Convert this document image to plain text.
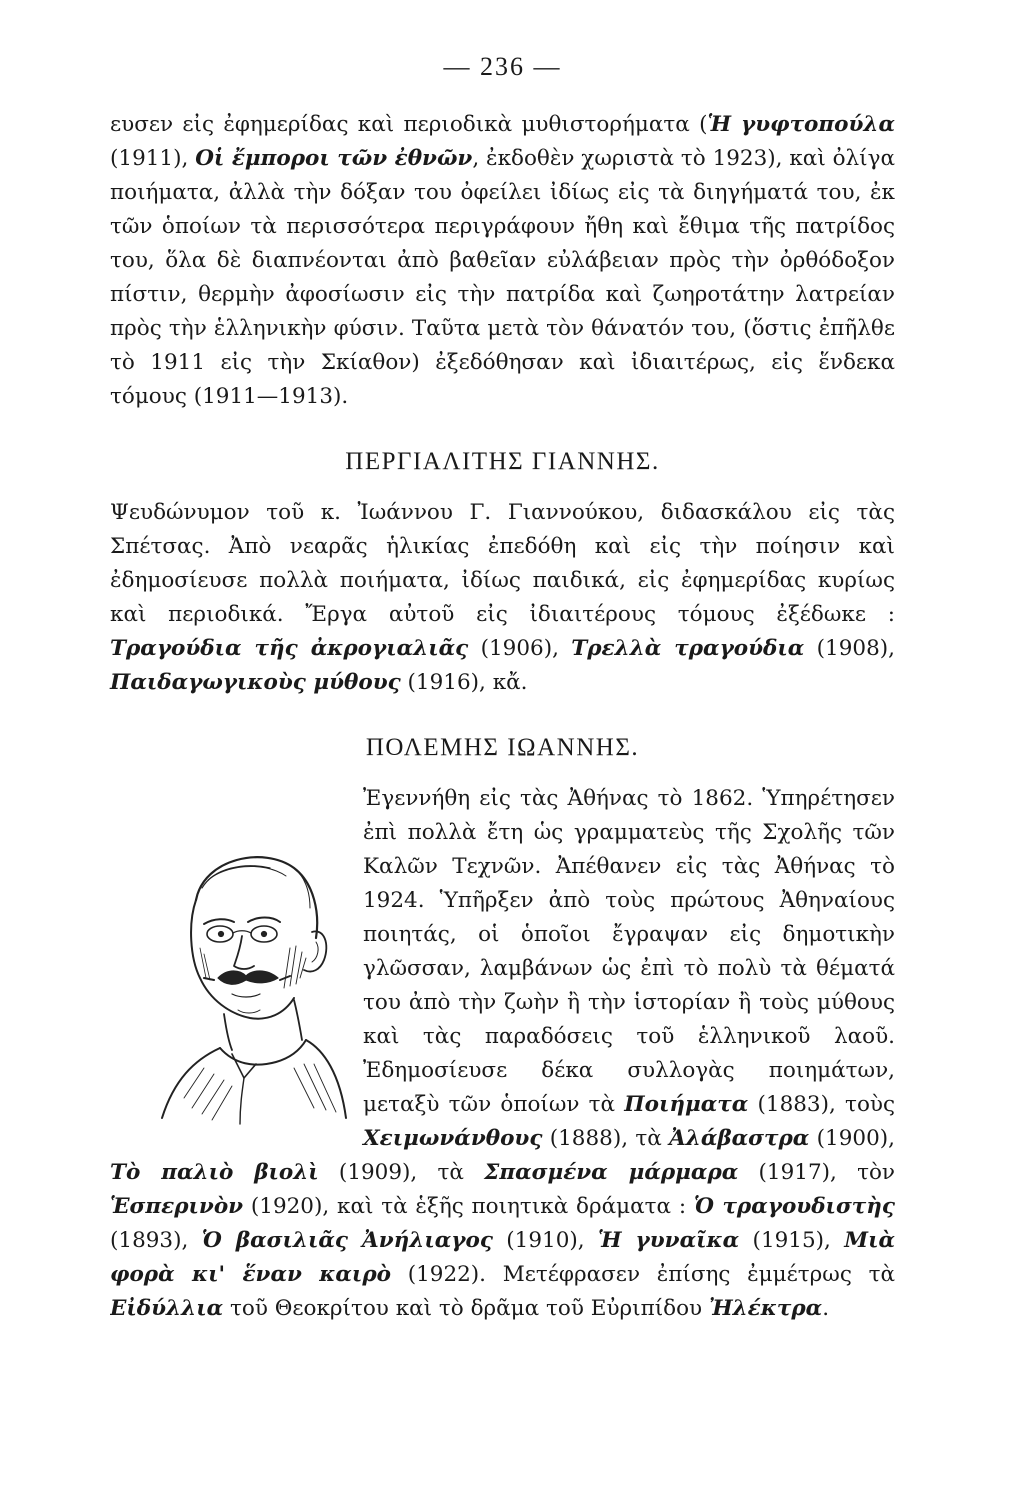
— 236 —

ευσεν εἰς ἐφημερίδας καὶ περιοδικὰ μυθιστορήματα (Ἡ γυφτοπούλα (1911), Οἱ ἔμποροι τῶν ἐθνῶν, ἐκδοθὲν χωριστὰ τὸ 1923), καὶ ὀλίγα ποιήματα, ἀλλὰ τὴν δόξαν του ὀφείλει ἰδίως εἰς τὰ διηγήματά του, ἐκ τῶν ὁποίων τὰ περισσότερα περιγράφουν ἤθη καὶ ἔθιμα τῆς πατρίδος του, ὅλα δὲ διαπνέονται ἀπὸ βαθεῖαν εὐλάβειαν πρὸς τὴν ὀρθόδοξον πίστιν, θερμὴν ἀφοσίωσιν εἰς τὴν πατρίδα καὶ ζωηροτάτην λατρείαν πρὸς τὴν ἑλληνικὴν φύσιν. Ταῦτα μετὰ τὸν θάνατόν του, (ὅστις ἐπῆλθε τὸ 1911 εἰς τὴν Σκίαθον) ἐξεδόθησαν καὶ ἰδιαιτέρως, εἰς ἕνδεκα τόμους (1911—1913).

ΠΕΡΓΙΑΛΙΤΗΣ ΓΙΑΝΝΗΣ.

Ψευδώνυμον τοῦ κ. Ἰωάννου Γ. Γιαννούκου, διδασκάλου εἰς τὰς Σπέτσας. Ἀπὸ νεαρᾶς ἡλικίας ἐπεδόθη καὶ εἰς τὴν ποίησιν καὶ ἐδημοσίευσε πολλὰ ποιήματα, ἰδίως παιδικά, εἰς ἐφημερίδας κυρίως καὶ περιοδικά. Ἔργα αὐτοῦ εἰς ἰδιαιτέρους τόμους ἐξέδωκε : Τραγούδια τῆς ἀκρογιαλιᾶς (1906), Τρελλὰ τραγούδια (1908), Παιδαγωγικοὺς μύθους (1916), κἄ.

ΠΟΛΕΜΗΣ ΙΩΑΝΝΗΣ.

Ἐγεννήθη εἰς τὰς Ἀθήνας τὸ 1862. Ὑπηρέτησεν ἐπὶ πολλὰ ἔτη ὡς γραμματεὺς τῆς Σχολῆς τῶν Καλῶν Τεχνῶν. Ἀπέθανεν εἰς τὰς Ἀθήνας τὸ 1924. Ὑπῆρξεν ἀπὸ τοὺς πρώτους Ἀθηναίους ποιητάς, οἱ ὁποῖοι ἔγραψαν εἰς δημοτικὴν γλῶσσαν, λαμβάνων ὡς ἐπὶ τὸ πολὺ τὰ θέματά του ἀπὸ τὴν ζωὴν ἢ τὴν ἱστορίαν ἢ τοὺς μύθους καὶ τὰς παραδόσεις τοῦ ἑλληνικοῦ λαοῦ. Ἐδημοσίευσε δέκα συλλογὰς ποιημάτων, μεταξὺ τῶν ὁποίων τὰ Ποιήματα (1883), τοὺς Χειμωνάνθους (1888), τὰ Ἀλάβαστρα (1900), Τὸ παλιὸ βιολὶ (1909), τὰ Σπασμένα μάρμαρα (1917), τὸν Ἑσπερινὸν (1920), καὶ τὰ ἑξῆς ποιητικὰ δράματα : Ὁ τραγουδιστὴς (1893), Ὁ βασιλιᾶς Ἀνήλιαγος (1910), Ἡ γυναῖκα (1915), Μιὰ φορὰ κι' ἕναν καιρὸ (1922). Μετέφρασεν ἐπίσης ἐμμέτρως τὰ Εἰδύλλια τοῦ Θεοκρίτου καὶ τὸ δρᾶμα τοῦ Εὐριπίδου Ἠλέκτρα.
